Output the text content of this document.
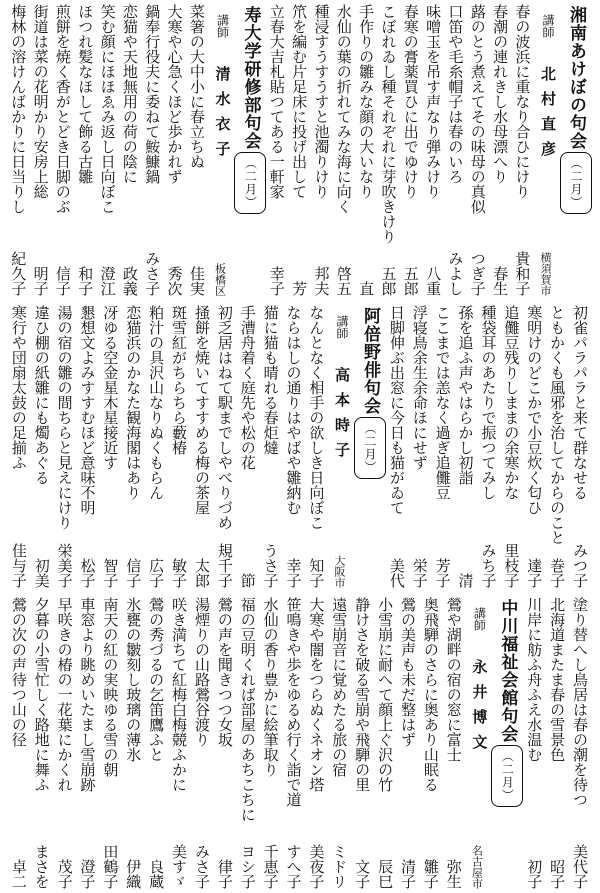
湘南あけぼの句会（二月）
講師北村直彦
横須賀市
春の波浜に重なり合ひにけり
貴和子
春潮の連れきし水母漂へり
春生
蕗のとう煮えてその味母の真似
つぎ子
口笛や毛糸帽子は春のいろ
みよし
味噌玉を吊す声なり弾みけり
八重
春寒の膏薬買ひに出でゆけり
五郎
こぼれゐし種それぞれに芽吹きけり
五郎
手作りの雛みな顔の大いなり
直
水仙の葉の折れてみな海に向く
啓五
種浸すうすうすと池濁りけり
邦夫
笊を編む片足床に投げ出して
芳
立春大吉札貼つてある一軒家
幸子
寿大学研修部句会（二月）
講師清水衣子
板橋区
菜箸の大中小に春立ちぬ
佳実
大寒や心急くほど歩かれず
秀次
鍋奉行役夫に委ねて鮟鱇鍋
みさ子
恋猫や天地無用の荷の陰に
政義
笑む顔にほほゑみ返し日向ぼこ
澄江
ほつれ髪なほして飾る古雛
和子
煎餅を焼く香がとどき日脚のぶ
信子
街道は菜の花明かり安房上総
明子
梅林の溶けんばかりに日当りし
紀久子
初雀パラパラと来て群なせる
みつ子
ともかくも風邪を治してからのこと
巻子
寒明けのどこかで小豆炊く匂ひ
達子
追儺豆残りしままの余寒かな
里枝子
種袋耳のあたりで振つてみし
みち子
孫を追ふ声やはらかし初詣
清
ここまでは恙なく過ぎ追儺豆
芳子
浮寝鳥余生余命ほにせず
栄子
日脚伸ぶ出窓に今日も猫がゐて
美代
阿倍野俳句会（二月）
講師高本時子
大阪市
なんとなく相手の欲しき日向ぼこ
知子
ならはしの通りはやばや雛納む
幸子
猫に猫も晴れる春炬燵
うさ子
手漕舟着く庭先や松の花
節
初乏居はねて駅までしやべりづめ
規千子
掻餅を焼いてすすめる梅の茶屋
太郎
斑雪紅がちらちら藪椿
敏子
粕汁の具沢山なりぬくもらん
広子
恋猫浜のかなた観海閣はあり
信子
冴ゆる空金星木星接近す
智子
懇想文よみすすむほど意味不明
松子
湯の宿の雛の間ちらと見えにけり
栄美子
違ひ棚の紙雛にも燭あぐる
初美
寒行や団扇太鼓の足揃ふ
佳与子
塗り替へし鳥居は春の潮を待つ
美代子
北海道またま春の雪景色
昭子
川岸に舫ふ舟ふえ水温む
初子
中川福祉会館句会（二月）
講師永井博文
名古屋市
鶯や湖畔の宿の窓に富士
弥生
奥飛騨のさらに奥あり山眠る
雛子
鶯の美声も未だ整はず
清子
小雪崩に耐へて顔上ぐ沢の竹
辰巳
静けさを破る雪崩や飛騨の里
文子
遠雪崩音に覚めたる旅の宿
ミドリ
大寒や闇をつらぬくネオン塔
美夜子
笹鳴きや歩をゆるめ行く詣で道
すへ子
水仙の香り豊かに絵筆取り
千恵子
福の豆明くれば部屋のあちこちに
ヨシ子
鶯の声を聞きつつ女坂
律子
湯煙りの山路鶯谷渡り
みさ子
咲き満ちて紅梅白梅競ふかに
美すゞ
鶯の秀づるの乞笛鷹ふと
良蔵
氷甕の皺刻し玻璃の薄氷
伊織
南天の紅の実映ゆる雪の朝
田鶴子
車窓より眺めいたまし雪崩跡
澄子
早咲きの椿の一花葉にかくれ
茂子
夕暮の小雪忙しく路地に舞ふ
まさを
鶯の次の声待つ山の径
卓二
